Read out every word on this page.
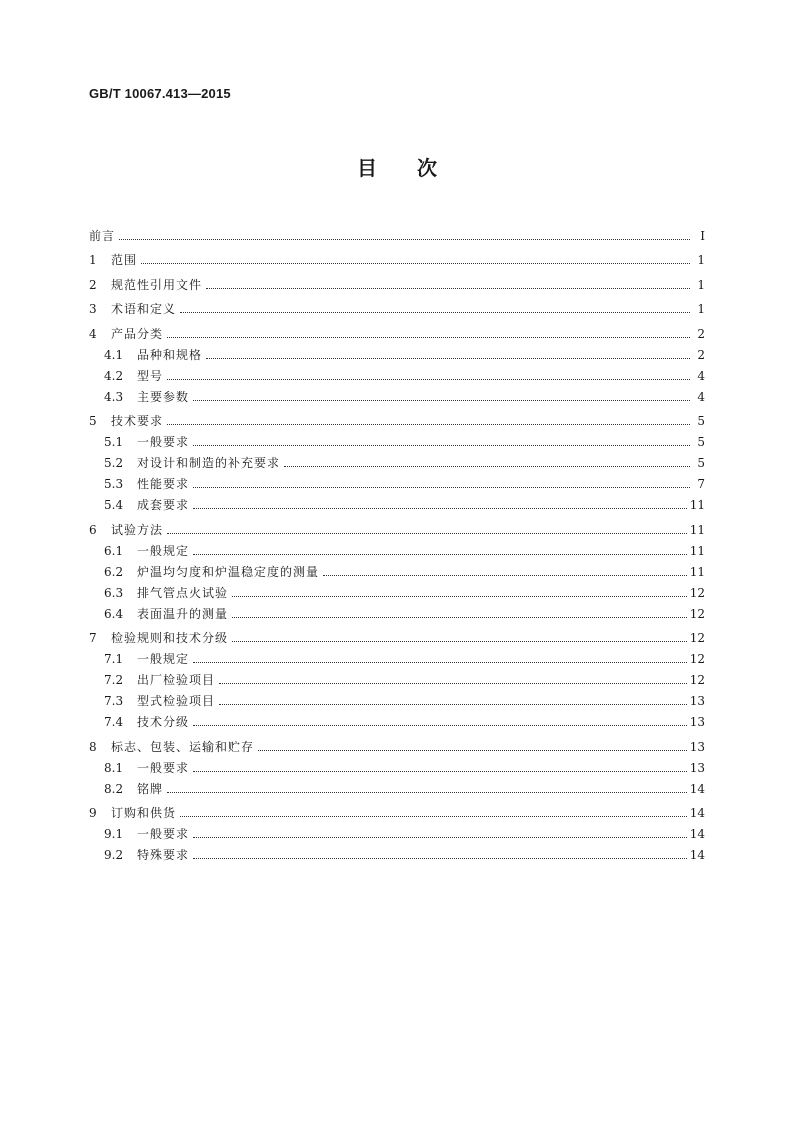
GB/T 10067.413—2015
目次
前言	Ⅰ
1	范围	1
2	规范性引用文件	1
3	术语和定义	1
4	产品分类	2
4.1	品种和规格	2
4.2	型号	4
4.3	主要参数	4
5	技术要求	5
5.1	一般要求	5
5.2	对设计和制造的补充要求	5
5.3	性能要求	7
5.4	成套要求	11
6	试验方法	11
6.1	一般规定	11
6.2	炉温均匀度和炉温稳定度的测量	11
6.3	排气管点火试验	12
6.4	表面温升的测量	12
7	检验规则和技术分级	12
7.1	一般规定	12
7.2	出厂检验项目	12
7.3	型式检验项目	13
7.4	技术分级	13
8	标志、包装、运输和贮存	13
8.1	一般要求	13
8.2	铭牌	14
9	订购和供货	14
9.1	一般要求	14
9.2	特殊要求	14
